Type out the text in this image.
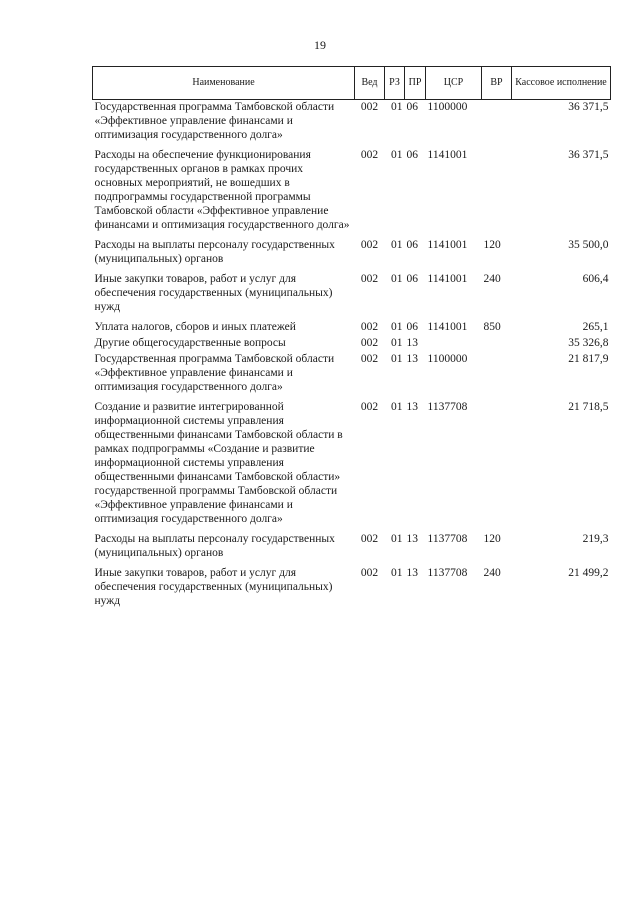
19
Наименование	Вед	РЗ	ПР	ЦСР	ВР	Кассовое исполнение
Государственная программа Тамбовской области «Эффективное управление финансами и оптимизация государственного долга»	002	01	06	1100000		36 371,5
Расходы на обеспечение функционирования государственных органов в рамках прочих основных мероприятий, не вошедших в подпрограммы государственной программы Тамбовской области «Эффективное управление финансами и оптимизация государственного долга»	002	01	06	1141001		36 371,5
Расходы на выплаты персоналу государственных (муниципальных) органов	002	01	06	1141001	120	35 500,0
Иные закупки товаров, работ и услуг для обеспечения государственных (муниципальных) нужд	002	01	06	1141001	240	606,4
Уплата налогов, сборов и иных платежей	002	01	06	1141001	850	265,1
Другие общегосударственные вопросы	002	01	13			35 326,8
Государственная программа Тамбовской области «Эффективное управление финансами и оптимизация государственного долга»	002	01	13	1100000		21 817,9
Создание и развитие интегрированной информационной системы управления общественными финансами Тамбовской области в рамках подпрограммы «Создание и развитие информационной системы управления общественными финансами Тамбовской области» государственной программы Тамбовской области «Эффективное управление финансами и оптимизация государственного долга»	002	01	13	1137708		21 718,5
Расходы на выплаты персоналу государственных (муниципальных) органов	002	01	13	1137708	120	219,3
Иные закупки товаров, работ и услуг для обеспечения государственных (муниципальных) нужд	002	01	13	1137708	240	21 499,2
